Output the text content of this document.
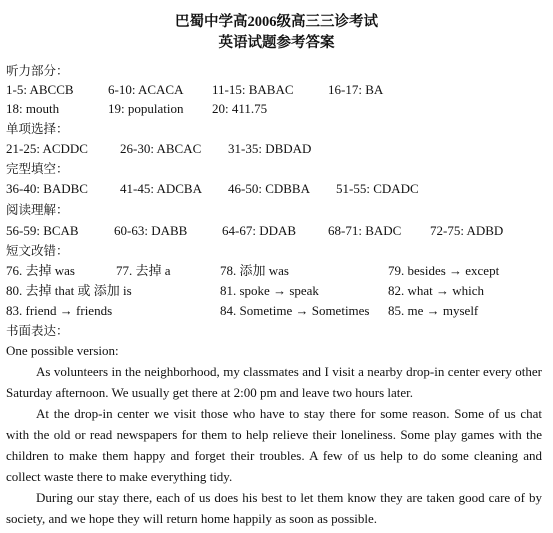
巴蜀中学高2006级高三三诊考试
英语试题参考答案
听力部分：
1-5: ABCCB	6-10: ACACA 11-15: BABAC	16-17: BA
18: mouth	19: population 20: 411.75
单项选择：
21-25: ACDDC 26-30: ABCAC 31-35: DBDAD
完型填空：
36-40: BADBC 41-45: ADCBA 46-50: CDBBA 51-55: CDADC
阅读理解：
56-59: BCAB	60-63: DABB	64-67: DDAB 68-71: BADC 72-75: ADBD
短文改错：
76. 去掉 was	77. 去掉 a	78. 添加 was	79. besides → except
80. 去掉 that 或 添加 is	81. spoke → speak	82. what → which
83. friend → friends	84. Sometime → Sometimes 85. me → myself
书面表达：
One possible version:

As volunteers in the neighborhood, my classmates and I visit a nearby drop-in center every other Saturday afternoon. We usually get there at 2:00 pm and leave two hours later.

At the drop-in center we visit those who have to stay there for some reason. Some of us chat with the old or read newspapers for them to help relieve their loneliness. Some play games with the children to make them happy and forget their troubles. A few of us help to do some cleaning and collect waste there to make everything tidy.

During our stay there, each of us does his best to let them know they are taken good care of by society, and we hope they will return home happily as soon as possible.
